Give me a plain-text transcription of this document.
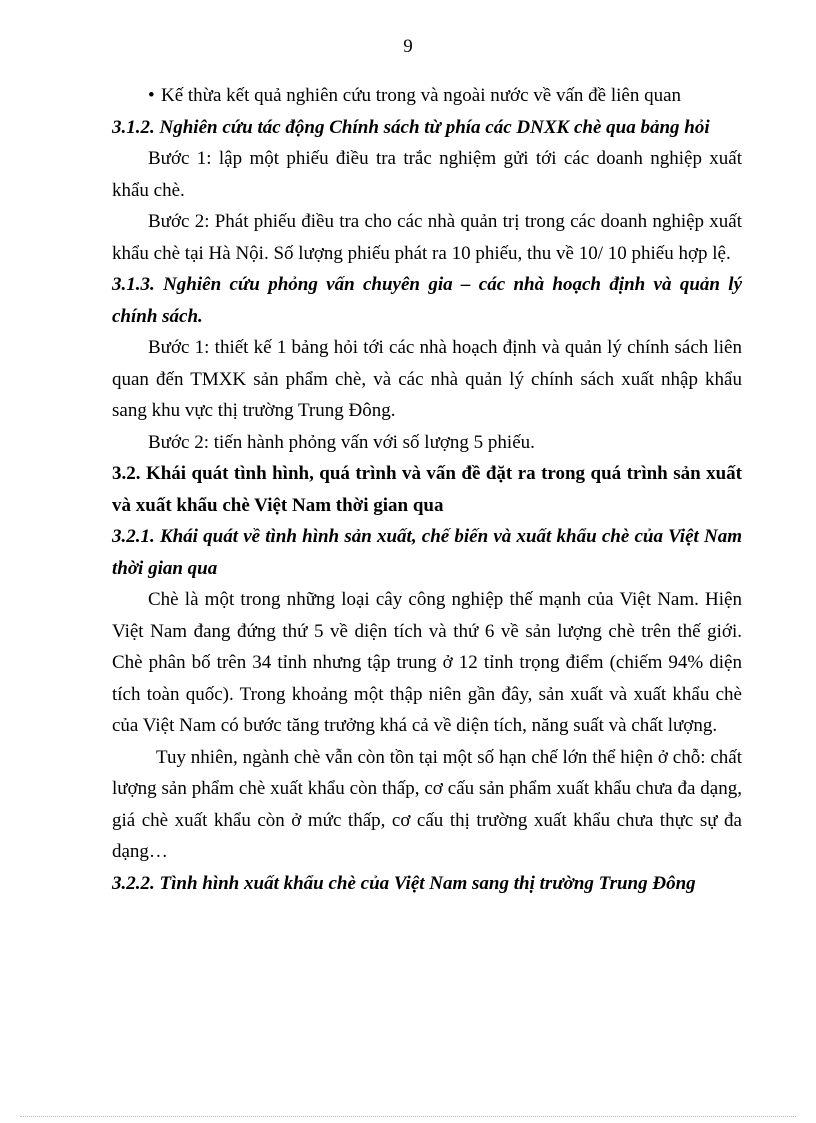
9

• Kế thừa kết quả nghiên cứu trong và ngoài nước về vấn đề liên quan

3.1.2. Nghiên cứu tác động Chính sách từ phía các DNXK chè qua bảng hỏi

Bước 1: lập một phiếu điều tra trắc nghiệm gửi tới các doanh nghiệp xuất khẩu chè.

Bước 2: Phát phiếu điều tra cho các nhà quản trị trong các doanh nghiệp xuất khẩu chè tại Hà Nội. Số lượng phiếu phát ra 10 phiếu, thu về 10/ 10 phiếu hợp lệ.

3.1.3. Nghiên cứu phỏng vấn chuyên gia – các nhà hoạch định và quản lý chính sách.

Bước 1: thiết kế 1 bảng hỏi tới các nhà hoạch định và quản lý chính sách liên quan đến TMXK sản phẩm chè, và các nhà quản lý chính sách xuất nhập khẩu sang khu vực thị trường Trung Đông.

Bước 2: tiến hành phỏng vấn với số lượng 5 phiếu.

3.2. Khái quát tình hình, quá trình và vấn đề đặt ra trong quá trình sản xuất và xuất khẩu chè Việt Nam thời gian qua

3.2.1. Khái quát về tình hình sản xuất, chế biến và xuất khẩu chè của Việt Nam thời gian qua

Chè là một trong những loại cây công nghiệp thế mạnh của Việt Nam. Hiện Việt Nam đang đứng thứ 5 về diện tích và thứ 6 về sản lượng chè trên thế giới. Chè phân bố trên 34 tỉnh nhưng tập trung ở 12 tỉnh trọng điểm (chiếm 94% diện tích toàn quốc). Trong khoảng một thập niên gần đây, sản xuất và xuất khẩu chè của Việt Nam có bước tăng trưởng khá cả về diện tích, năng suất và chất lượng.

Tuy nhiên, ngành chè vẫn còn tồn tại một số hạn chế lớn thể hiện ở chỗ: chất lượng sản phẩm chè xuất khẩu còn thấp, cơ cấu sản phẩm xuất khẩu chưa đa dạng, giá chè xuất khẩu còn ở mức thấp, cơ cấu thị trường xuất khẩu chưa thực sự đa dạng…

3.2.2. Tình hình xuất khẩu chè của Việt Nam sang thị trường Trung Đông
